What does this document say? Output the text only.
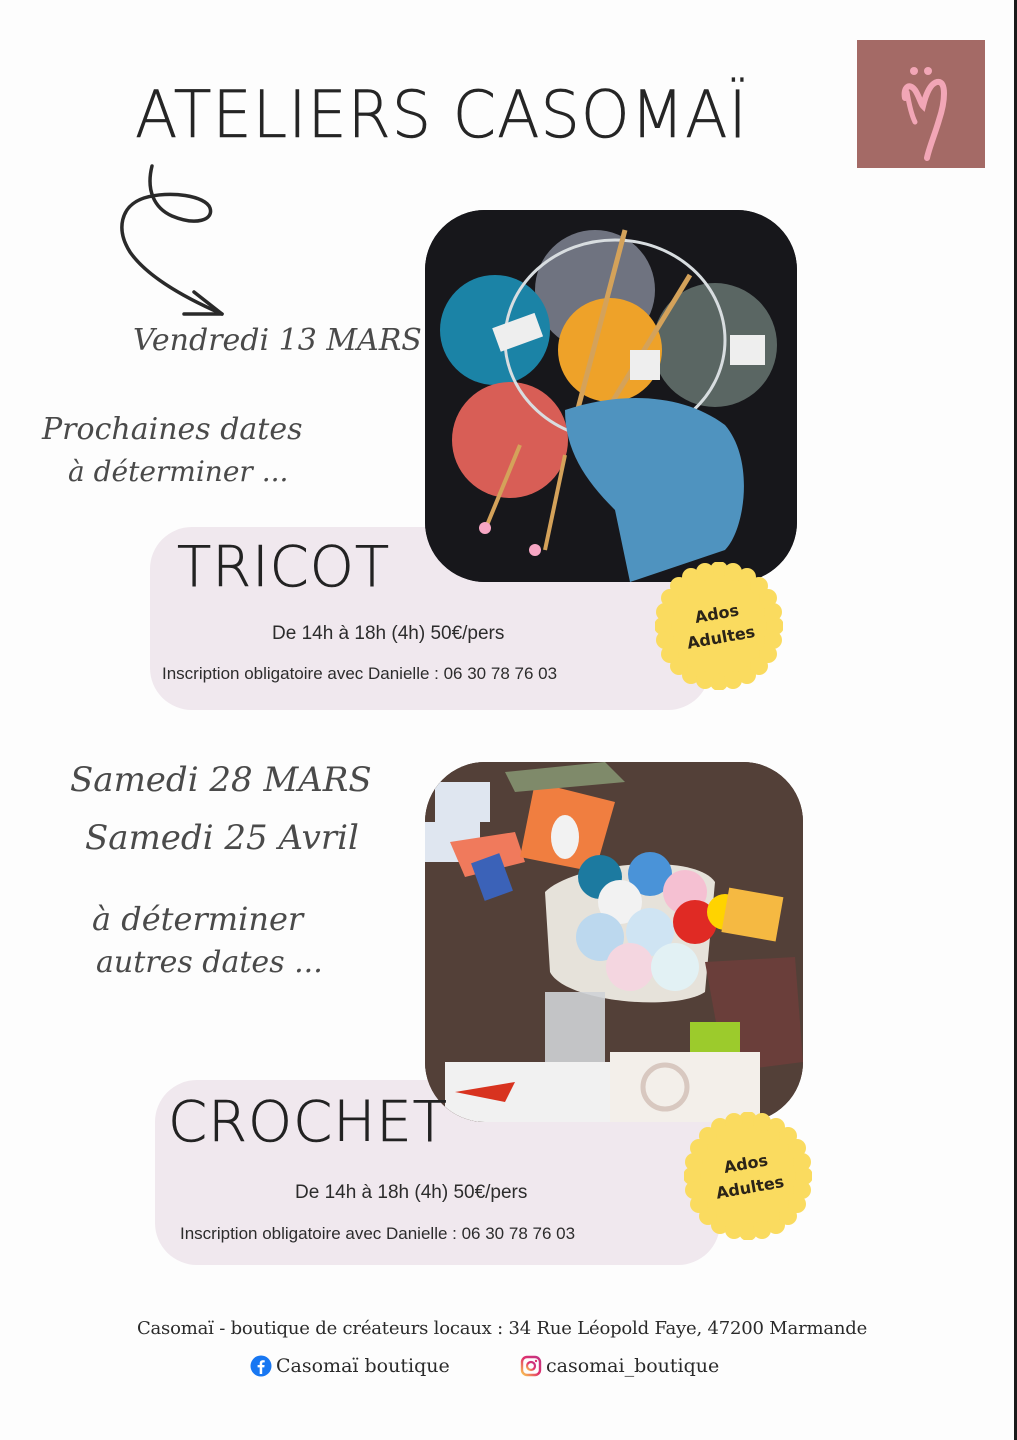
ATELIERS CASOMAÏ
Vendredi 13 MARS
Prochaines dates
à déterminer ...
TRICOT
De 14h à 18h (4h) 50€/pers
Inscription obligatoire avec Danielle : 06 30 78 76 03
Ados
Adultes
Samedi 28 MARS
Samedi 25 Avril
à déterminer
autres dates ...
CROCHET
De 14h à 18h (4h) 50€/pers
Inscription obligatoire avec Danielle : 06 30 78 76 03
Ados
Adultes
Casomaï - boutique de créateurs locaux : 34 Rue Léopold Faye, 47200 Marmande
Casomaï boutique	casomai_boutique
